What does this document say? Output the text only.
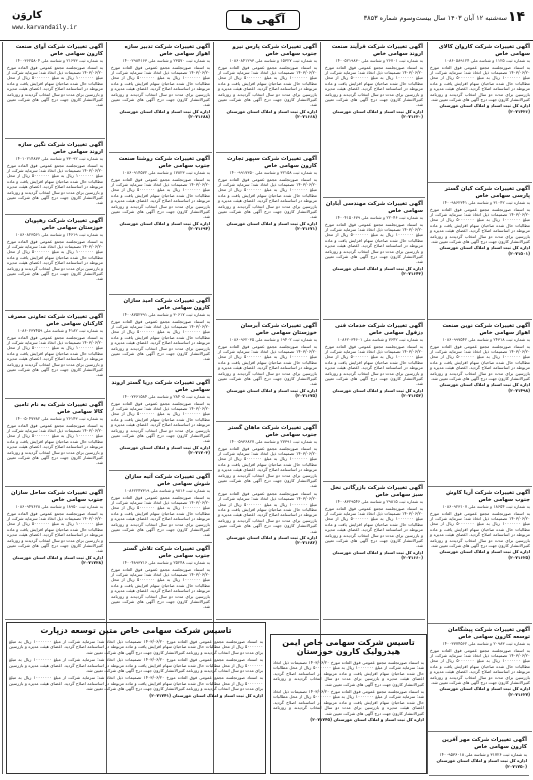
کاروَن
www.karvandaily.ir
آگهی ها	سه‌شنبه ۱۲ آبان ۱۴۰۳ سال بیست‌وسوم شماره ۳۸۵۳ ۱۴
آگهی تغییرات شرکت کاروان کالای سهامی خاص
به شماره ثبت ۱۱۲۵ و شناسه ملی ۱۰۸۶۰۵۸۹۱۲۴
به استناد صورتجلسه مجمع عمومی فوق العاده مورخ ۱۴۰۳/۰۶/۲۰ تصمیمات ذیل اتخاذ شد: سرمایه شرکت از مبلغ ۱۰۰۰۰۰۰۰ ریال به مبلغ ۵۰۰۰۰۰۰۰ ریال از محل مطالبات حال شده صاحبان سهام افزایش یافت و ماده مربوطه در اساسنامه اصلاح گردید. اعضای هیئت مدیره و بازرسین برای مدت دو سال انتخاب گردیدند و روزنامه کثیرالانتشار کارون جهت درج آگهی های شرکت تعیین شد.
اداره کل ثبت اسناد و املاک استان خوزستان (۲۰۷۱۴۳۶)
آگهی تغییرات شرکت کیان گستر پارسی سهامی خاص
به شماره ثبت ۳۱۰۴۲ و شناسه ملی ۱۴۰۰۹۸۶۲۳۴۱
به استناد صورتجلسه مجمع عمومی فوق العاده مورخ ۱۴۰۳/۰۶/۲۰ تصمیمات ذیل اتخاذ شد: سرمایه شرکت از مبلغ ۱۰۰۰۰۰۰۰ ریال به مبلغ ۵۰۰۰۰۰۰۰ ریال از محل مطالبات حال شده صاحبان سهام افزایش یافت و ماده مربوطه در اساسنامه اصلاح گردید. اعضای هیئت مدیره و بازرسین برای مدت دو سال انتخاب گردیدند و روزنامه کثیرالانتشار کارون جهت درج آگهی های شرکت تعیین شد.
اداره کل ثبت اسناد و املاک استان خوزستان (۲۰۷۱۵۰۱)
آگهی تغییرات شرکت نوین صنعت اهواز سهامی خاص
به شماره ثبت ۲۴۳۱۸ و شناسه ملی ۱۰۸۶۰۹۹۷۵۴۲
به استناد صورتجلسه مجمع عمومی فوق العاده مورخ ۱۴۰۳/۰۶/۲۰ تصمیمات ذیل اتخاذ شد: سرمایه شرکت از مبلغ ۱۰۰۰۰۰۰۰ ریال به مبلغ ۵۰۰۰۰۰۰۰ ریال از محل مطالبات حال شده صاحبان سهام افزایش یافت و ماده مربوطه در اساسنامه اصلاح گردید. اعضای هیئت مدیره و بازرسین برای مدت دو سال انتخاب گردیدند و روزنامه کثیرالانتشار کارون جهت درج آگهی های شرکت تعیین شد.
اداره کل ثبت اسناد و املاک استان خوزستان (۲۰۷۱۴۹۸)
آگهی تغییرات شرکت آریا کاوش جنوب سهامی خاص
به شماره ثبت ۱۸۶۵۴ و شناسه ملی ۱۰۸۶۰۹۲۳۱۰۷
به استناد صورتجلسه مجمع عمومی فوق العاده مورخ ۱۴۰۳/۰۶/۲۰ تصمیمات ذیل اتخاذ شد: سرمایه شرکت از مبلغ ۱۰۰۰۰۰۰۰ ریال به مبلغ ۵۰۰۰۰۰۰۰ ریال از محل مطالبات حال شده صاحبان سهام افزایش یافت و ماده مربوطه در اساسنامه اصلاح گردید. اعضای هیئت مدیره و بازرسین برای مدت دو سال انتخاب گردیدند و روزنامه کثیرالانتشار کارون جهت درج آگهی های شرکت تعیین شد.
اداره کل ثبت اسناد و املاک استان خوزستان (۲۰۷۱۶۲۵)
آگهی تغییرات شرکت پیشگامان توسعه کارون سهامی خاص
به شماره ثبت ۲۰۹۸۳ و شناسه ملی ۱۴۰۰۳۷۷۴۵۶۲
به استناد صورتجلسه مجمع عمومی فوق العاده مورخ ۱۴۰۳/۰۶/۲۰ تصمیمات ذیل اتخاذ شد: سرمایه شرکت از مبلغ ۱۰۰۰۰۰۰۰ ریال به مبلغ ۵۰۰۰۰۰۰۰ ریال از محل مطالبات حال شده صاحبان سهام افزایش یافت و ماده مربوطه در اساسنامه اصلاح گردید. اعضای هیئت مدیره و بازرسین برای مدت دو سال انتخاب گردیدند و روزنامه کثیرالانتشار کارون جهت درج آگهی های شرکت تعیین شد.
اداره کل ثبت اسناد و املاک استان خوزستان (۲۰۷۱۶۲۷)
آگهی تغییرات شرکت فرآیند صنعت اروند سهامی خاص
به شماره ثبت ۲۶۷۰۱ و شناسه ملی ۱۴۰۰۵۲۱۹۸۳۰
به استناد صورتجلسه مجمع عمومی فوق العاده مورخ ۱۴۰۳/۰۶/۲۰ تصمیمات ذیل اتخاذ شد: سرمایه شرکت از مبلغ ۱۰۰۰۰۰۰۰ ریال به مبلغ ۵۰۰۰۰۰۰۰ ریال از محل مطالبات حال شده صاحبان سهام افزایش یافت و ماده مربوطه در اساسنامه اصلاح گردید. اعضای هیئت مدیره و بازرسین برای مدت دو سال انتخاب گردیدند و روزنامه کثیرالانتشار کارون جهت درج آگهی های شرکت تعیین شد.
اداره کل ثبت اسناد و املاک استان خوزستان (۲۰۷۱۶۳۰)
آگهی تغییرات شرکت مهندسی آبادان سهامی خاص
به شماره ثبت ۲۲۰۴۶ و شناسه ملی ۱۴۰۰۴۱۵۰۶۷۹
به استناد صورتجلسه مجمع عمومی فوق العاده مورخ ۱۴۰۳/۰۶/۲۰ تصمیمات ذیل اتخاذ شد: سرمایه شرکت از مبلغ ۱۰۰۰۰۰۰۰ ریال به مبلغ ۵۰۰۰۰۰۰۰ ریال از محل مطالبات حال شده صاحبان سهام افزایش یافت و ماده مربوطه در اساسنامه اصلاح گردید. اعضای هیئت مدیره و بازرسین برای مدت دو سال انتخاب گردیدند و روزنامه کثیرالانتشار کارون جهت درج آگهی های شرکت تعیین شد.
اداره کل ثبت اسناد و املاک استان خوزستان (۲۰۷۱۶۴۳)
آگهی تغییرات شرکت خدمات فنی دزفول سهامی خاص
به شماره ثبت ۷۶۴۲ و شناسه ملی ۱۰۸۶۲۰۳۴۶۰۱
به استناد صورتجلسه مجمع عمومی فوق العاده مورخ ۱۴۰۳/۰۶/۲۰ تصمیمات ذیل اتخاذ شد: سرمایه شرکت از مبلغ ۱۰۰۰۰۰۰۰ ریال به مبلغ ۵۰۰۰۰۰۰۰ ریال از محل مطالبات حال شده صاحبان سهام افزایش یافت و ماده مربوطه در اساسنامه اصلاح گردید. اعضای هیئت مدیره و بازرسین برای مدت دو سال انتخاب گردیدند و روزنامه کثیرالانتشار کارون جهت درج آگهی های شرکت تعیین شد.
اداره کل ثبت اسناد و املاک استان خوزستان (۲۰۷۱۶۵۲)
آگهی تغییرات شرکت بازرگانی نخل سبز سهامی خاص
به شماره ثبت ۲۹۸۱۵ و شناسه ملی ۱۴۰۰۸۳۲۹۵۴۶
به استناد صورتجلسه مجمع عمومی فوق العاده مورخ ۱۴۰۳/۰۶/۲۰ تصمیمات ذیل اتخاذ شد: سرمایه شرکت از مبلغ ۱۰۰۰۰۰۰۰ ریال به مبلغ ۵۰۰۰۰۰۰۰ ریال از محل مطالبات حال شده صاحبان سهام افزایش یافت و ماده مربوطه در اساسنامه اصلاح گردید. اعضای هیئت مدیره و بازرسین برای مدت دو سال انتخاب گردیدند و روزنامه کثیرالانتشار کارون جهت درج آگهی های شرکت تعیین شد.
اداره کل ثبت اسناد و املاک استان خوزستان (۲۰۷۱۶۶۰)
آگهی تغییرات شرکت پارس نیرو جنوب سهامی خاص
به شماره ثبت ۱۵۳۲۷ و شناسه ملی ۱۰۸۶۰۸۴۱۲۹۳
به استناد صورتجلسه مجمع عمومی فوق العاده مورخ ۱۴۰۳/۰۶/۲۰ تصمیمات ذیل اتخاذ شد: سرمایه شرکت از مبلغ ۱۰۰۰۰۰۰۰ ریال به مبلغ ۵۰۰۰۰۰۰۰ ریال از محل مطالبات حال شده صاحبان سهام افزایش یافت و ماده مربوطه در اساسنامه اصلاح گردید. اعضای هیئت مدیره و بازرسین برای مدت دو سال انتخاب گردیدند و روزنامه کثیرالانتشار کارون جهت درج آگهی های شرکت تعیین شد.
اداره کل ثبت اسناد و املاک استان خوزستان (۲۰۷۱۶۶۸)
آگهی تغییرات شرکت سپهر تجارت کارون سهامی خاص
به شماره ثبت ۳۲۱۵۸ و شناسه ملی ۱۴۰۰۹۹۱۷۳۵۰
به استناد صورتجلسه مجمع عمومی فوق العاده مورخ ۱۴۰۳/۰۶/۲۰ تصمیمات ذیل اتخاذ شد: سرمایه شرکت از مبلغ ۱۰۰۰۰۰۰۰ ریال به مبلغ ۵۰۰۰۰۰۰۰ ریال از محل مطالبات حال شده صاحبان سهام افزایش یافت و ماده مربوطه در اساسنامه اصلاح گردید. اعضای هیئت مدیره و بازرسین برای مدت دو سال انتخاب گردیدند و روزنامه کثیرالانتشار کارون جهت درج آگهی های شرکت تعیین شد.
اداره کل ثبت اسناد و املاک استان خوزستان (۲۰۷۱۶۷۱)
آگهی تغییرات شرکت آبرسان خوزستان سهامی خاص
به شماره ثبت ۱۹۴۰۲ و شناسه ملی ۱۰۸۶۰۹۶۲۰۳۵
به استناد صورتجلسه مجمع عمومی فوق العاده مورخ ۱۴۰۳/۰۶/۲۰ تصمیمات ذیل اتخاذ شد: سرمایه شرکت از مبلغ ۱۰۰۰۰۰۰۰ ریال به مبلغ ۵۰۰۰۰۰۰۰ ریال از محل مطالبات حال شده صاحبان سهام افزایش یافت و ماده مربوطه در اساسنامه اصلاح گردید. اعضای هیئت مدیره و بازرسین برای مدت دو سال انتخاب گردیدند و روزنامه کثیرالانتشار کارون جهت درج آگهی های شرکت تعیین شد.
اداره کل ثبت اسناد و املاک استان خوزستان (۲۰۷۱۶۷۵)
آگهی تغییرات شرکت ماهان گستر جنوب سهامی خاص
به شماره ثبت ۲۷۳۹۱ و شناسه ملی ۱۴۰۰۵۹۳۶۸۲۷
به استناد صورتجلسه مجمع عمومی فوق العاده مورخ ۱۴۰۳/۰۶/۲۰ تصمیمات ذیل اتخاذ شد: سرمایه شرکت از مبلغ ۱۰۰۰۰۰۰۰ ریال به مبلغ ۵۰۰۰۰۰۰۰ ریال از محل مطالبات حال شده صاحبان سهام افزایش یافت و ماده مربوطه در اساسنامه اصلاح گردید. اعضای هیئت مدیره و بازرسین برای مدت دو سال انتخاب گردیدند و روزنامه کثیرالانتشار کارون جهت درج آگهی های شرکت تعیین شد.
به استناد صورتجلسه مجمع عمومی فوق العاده مورخ ۱۴۰۳/۰۶/۲۰ تصمیمات ذیل اتخاذ شد: سرمایه شرکت از مبلغ ۱۰۰۰۰۰۰۰ ریال به مبلغ ۵۰۰۰۰۰۰۰ ریال از محل مطالبات حال شده صاحبان سهام افزایش یافت و ماده مربوطه در اساسنامه اصلاح گردید. اعضای هیئت مدیره و بازرسین برای مدت دو سال انتخاب گردیدند و روزنامه کثیرالانتشار کارون جهت درج آگهی های شرکت تعیین شد.
اداره کل ثبت اسناد و املاک استان خوزستان (۲۰۷۱۶۸۲)
آگهی تغییرات شرکت تدبیر سازه اهواز سهامی خاص
به شماره ثبت ۲۳۵۷۰ و شناسه ملی ۱۴۰۰۲۹۸۴۱۶۳
به استناد صورتجلسه مجمع عمومی فوق العاده مورخ ۱۴۰۳/۰۶/۲۰ تصمیمات ذیل اتخاذ شد: سرمایه شرکت از مبلغ ۱۰۰۰۰۰۰۰ ریال به مبلغ ۵۰۰۰۰۰۰۰ ریال از محل مطالبات حال شده صاحبان سهام افزایش یافت و ماده مربوطه در اساسنامه اصلاح گردید. اعضای هیئت مدیره و بازرسین برای مدت دو سال انتخاب گردیدند و روزنامه کثیرالانتشار کارون جهت درج آگهی های شرکت تعیین شد.
اداره کل ثبت اسناد و املاک استان خوزستان (۲۰۷۱۶۸۸)
آگهی تغییرات شرکت روشنا صنعت جنوب سهامی خاص
به شماره ثبت ۱۷۸۲۳ و شناسه ملی ۱۰۸۶۰۹۱۴۵۷۲
به استناد صورتجلسه مجمع عمومی فوق العاده مورخ ۱۴۰۳/۰۶/۲۰ تصمیمات ذیل اتخاذ شد: سرمایه شرکت از مبلغ ۱۰۰۰۰۰۰۰ ریال به مبلغ ۵۰۰۰۰۰۰۰ ریال از محل مطالبات حال شده صاحبان سهام افزایش یافت و ماده مربوطه در اساسنامه اصلاح گردید. اعضای هیئت مدیره و بازرسین برای مدت دو سال انتخاب گردیدند و روزنامه کثیرالانتشار کارون جهت درج آگهی های شرکت تعیین شد.
اداره کل ثبت اسناد و املاک استان خوزستان (۲۰۷۱۶۹۴)
آگهی تغییرات شرکت امید سازان کارون سهامی خاص
به شماره ثبت ۳۰۶۱۷ و شناسه ملی ۱۴۰۰۸۷۵۲۳۹۱
به استناد صورتجلسه مجمع عمومی فوق العاده مورخ ۱۴۰۳/۰۶/۲۰ تصمیمات ذیل اتخاذ شد: سرمایه شرکت از مبلغ ۱۰۰۰۰۰۰۰ ریال به مبلغ ۵۰۰۰۰۰۰۰ ریال از محل مطالبات حال شده صاحبان سهام افزایش یافت و ماده مربوطه در اساسنامه اصلاح گردید. اعضای هیئت مدیره و بازرسین برای مدت دو سال انتخاب گردیدند و روزنامه کثیرالانتشار کارون جهت درج آگهی های شرکت تعیین شد.
آگهی تغییرات شرکت دریا گستر اروند سهامی خاص
به شماره ثبت ۲۸۴۰۵ و شناسه ملی ۱۴۰۰۷۳۶۱۵۸۴
به استناد صورتجلسه مجمع عمومی فوق العاده مورخ ۱۴۰۳/۰۶/۲۰ تصمیمات ذیل اتخاذ شد: سرمایه شرکت از مبلغ ۱۰۰۰۰۰۰۰ ریال به مبلغ ۵۰۰۰۰۰۰۰ ریال از محل مطالبات حال شده صاحبان سهام افزایش یافت و ماده مربوطه در اساسنامه اصلاح گردید. اعضای هیئت مدیره و بازرسین برای مدت دو سال انتخاب گردیدند و روزنامه کثیرالانتشار کارون جهت درج آگهی های شرکت تعیین شد.
اداره کل ثبت اسناد و املاک استان خوزستان (۲۰۷۱۷۰۳)
آگهی تغییرات شرکت آتیه سازان شوش سهامی خاص
به شماره ثبت ۹۸۱۶ و شناسه ملی ۱۰۸۶۲۲۴۷۳۱۹
به استناد صورتجلسه مجمع عمومی فوق العاده مورخ ۱۴۰۳/۰۶/۲۰ تصمیمات ذیل اتخاذ شد: سرمایه شرکت از مبلغ ۱۰۰۰۰۰۰۰ ریال به مبلغ ۵۰۰۰۰۰۰۰ ریال از محل مطالبات حال شده صاحبان سهام افزایش یافت و ماده مربوطه در اساسنامه اصلاح گردید. اعضای هیئت مدیره و بازرسین برای مدت دو سال انتخاب گردیدند و روزنامه کثیرالانتشار کارون جهت درج آگهی های شرکت تعیین شد.
آگهی تغییرات شرکت تلاش گستر جنوب سهامی خاص
به شماره ثبت ۲۵۲۴۸ و شناسه ملی ۱۴۰۰۴۸۹۳۷۱۶
به استناد صورتجلسه مجمع عمومی فوق العاده مورخ ۱۴۰۳/۰۶/۲۰ تصمیمات ذیل اتخاذ شد: سرمایه شرکت از مبلغ ۱۰۰۰۰۰۰۰ ریال به مبلغ ۵۰۰۰۰۰۰۰ ریال از محل مطالبات حال شده صاحبان سهام افزایش یافت و ماده مربوطه در اساسنامه اصلاح گردید. اعضای هیئت مدیره و بازرسین برای مدت دو سال انتخاب گردیدند و روزنامه کثیرالانتشار کارون جهت درج آگهی های شرکت تعیین شد.
آگهی تغییرات شرکت آوای صنعت کارون سهامی خاص
به شماره ثبت ۲۱۶۷۳ و شناسه ملی ۱۴۰۰۳۶۲۵۸۰۴
به استناد صورتجلسه مجمع عمومی فوق العاده مورخ ۱۴۰۳/۰۶/۲۰ تصمیمات ذیل اتخاذ شد: سرمایه شرکت از مبلغ ۱۰۰۰۰۰۰۰ ریال به مبلغ ۵۰۰۰۰۰۰۰ ریال از محل مطالبات حال شده صاحبان سهام افزایش یافت و ماده مربوطه در اساسنامه اصلاح گردید. اعضای هیئت مدیره و بازرسین برای مدت دو سال انتخاب گردیدند و روزنامه کثیرالانتشار کارون جهت درج آگهی های شرکت تعیین شد.
آگهی تغییرات شرکت نگین سازه اروند سهامی خاص
به شماره ثبت ۳۳۰۹۲ و شناسه ملی ۱۴۰۱۰۲۱۴۸۷۳
به استناد صورتجلسه مجمع عمومی فوق العاده مورخ ۱۴۰۳/۰۶/۲۰ تصمیمات ذیل اتخاذ شد: سرمایه شرکت از مبلغ ۱۰۰۰۰۰۰۰ ریال به مبلغ ۵۰۰۰۰۰۰۰ ریال از محل مطالبات حال شده صاحبان سهام افزایش یافت و ماده مربوطه در اساسنامه اصلاح گردید. اعضای هیئت مدیره و بازرسین برای مدت دو سال انتخاب گردیدند و روزنامه کثیرالانتشار کارون جهت درج آگهی های شرکت تعیین شد.
آگهی تغییرات شرکت رهپویان خوزستان سهامی خاص
به شماره ثبت ۱۴۶۱۹ و شناسه ملی ۱۰۸۶۰۸۲۳۵۶۱
به استناد صورتجلسه مجمع عمومی فوق العاده مورخ ۱۴۰۳/۰۶/۲۰ تصمیمات ذیل اتخاذ شد: سرمایه شرکت از مبلغ ۱۰۰۰۰۰۰۰ ریال به مبلغ ۵۰۰۰۰۰۰۰ ریال از محل مطالبات حال شده صاحبان سهام افزایش یافت و ماده مربوطه در اساسنامه اصلاح گردید. اعضای هیئت مدیره و بازرسین برای مدت دو سال انتخاب گردیدند و روزنامه کثیرالانتشار کارون جهت درج آگهی های شرکت تعیین شد.
آگهی تغییرات شرکت تعاونی مصرف کارکنان سهامی خاص
به شماره ثبت ۴۱۸۲ و شناسه ملی ۱۰۸۶۰۲۳۷۴۵۹
به استناد صورتجلسه مجمع عمومی فوق العاده مورخ ۱۴۰۳/۰۶/۲۰ تصمیمات ذیل اتخاذ شد: سرمایه شرکت از مبلغ ۱۰۰۰۰۰۰۰ ریال به مبلغ ۵۰۰۰۰۰۰۰ ریال از محل مطالبات حال شده صاحبان سهام افزایش یافت و ماده مربوطه در اساسنامه اصلاح گردید. اعضای هیئت مدیره و بازرسین برای مدت دو سال انتخاب گردیدند و روزنامه کثیرالانتشار کارون جهت درج آگهی های شرکت تعیین شد.
آگهی تغییرات شرکت به نام تامین کالا سهامی خاص
به شماره ثبت ۲۶۱۴۳ و شناسه ملی ۱۴۰۰۵۰۴۷۳۸۲
به استناد صورتجلسه مجمع عمومی فوق العاده مورخ ۱۴۰۳/۰۶/۲۰ تصمیمات ذیل اتخاذ شد: سرمایه شرکت از مبلغ ۱۰۰۰۰۰۰۰ ریال به مبلغ ۵۰۰۰۰۰۰۰ ریال از محل مطالبات حال شده صاحبان سهام افزایش یافت و ماده مربوطه در اساسنامه اصلاح گردید. اعضای هیئت مدیره و بازرسین برای مدت دو سال انتخاب گردیدند و روزنامه کثیرالانتشار کارون جهت درج آگهی های شرکت تعیین شد.
آگهی تغییرات شرکت ساحل سازان جنوب سهامی خاص
به شماره ثبت ۱۸۹۵۰ و شناسه ملی ۱۰۸۶۰۹۴۷۶۲۸
به استناد صورتجلسه مجمع عمومی فوق العاده مورخ ۱۴۰۳/۰۶/۲۰ تصمیمات ذیل اتخاذ شد: سرمایه شرکت از مبلغ ۱۰۰۰۰۰۰۰ ریال به مبلغ ۵۰۰۰۰۰۰۰ ریال از محل مطالبات حال شده صاحبان سهام افزایش یافت و ماده مربوطه در اساسنامه اصلاح گردید. اعضای هیئت مدیره و بازرسین برای مدت دو سال انتخاب گردیدند و روزنامه کثیرالانتشار کارون جهت درج آگهی های شرکت تعیین شد.
اداره کل ثبت اسناد و املاک استان خوزستان (۲۰۷۱۷۳۸)
تاسیس شرکت سهامی خاص متین توسعه دزپارت
به استناد صورتجلسه مجمع عمومی فوق العاده مورخ ۱۴۰۳/۰۶/۲۰ تصمیمات ذیل اتخاذ شد: سرمایه شرکت از مبلغ ۱۰۰۰۰۰۰۰ ریال به مبلغ ۵۰۰۰۰۰۰۰ ریال از محل مطالبات حال شده صاحبان سهام افزایش یافت و ماده مربوطه در اساسنامه اصلاح گردید. اعضای هیئت مدیره و بازرسین برای مدت دو سال انتخاب گردیدند و روزنامه کثیرالانتشار کارون جهت درج آگهی های شرکت تعیین شد.
به استناد صورتجلسه مجمع عمومی فوق العاده مورخ ۱۴۰۳/۰۶/۲۰ تصمیمات ذیل اتخاذ شد: سرمایه شرکت از مبلغ ۱۰۰۰۰۰۰۰ ریال به مبلغ ۵۰۰۰۰۰۰۰ ریال از محل مطالبات حال شده صاحبان سهام افزایش یافت و ماده مربوطه در اساسنامه اصلاح گردید. اعضای هیئت مدیره و بازرسین برای مدت دو سال انتخاب گردیدند و روزنامه کثیرالانتشار کارون جهت درج آگهی های شرکت تعیین شد.
به استناد صورتجلسه مجمع عمومی فوق العاده مورخ ۱۴۰۳/۰۶/۲۰ تصمیمات ذیل اتخاذ شد: سرمایه شرکت از مبلغ ۱۰۰۰۰۰۰۰ ریال به مبلغ ۵۰۰۰۰۰۰۰ ریال از محل مطالبات حال شده صاحبان سهام افزایش یافت و ماده مربوطه در اساسنامه اصلاح گردید. اعضای هیئت مدیره و بازرسین برای مدت دو سال انتخاب گردیدند و روزنامه کثیرالانتشار کارون جهت درج آگهی های شرکت تعیین شد.
اداره کل ثبت اسناد و املاک استان خوزستان (۲۰۷۱۷۴۱)
تاسیس شرکت سهامی خاص ایمن هیدرولیک کارون خوزستان
به استناد صورتجلسه مجمع عمومی فوق العاده مورخ ۱۴۰۳/۰۶/۲۰ تصمیمات ذیل اتخاذ شد: سرمایه شرکت از مبلغ ۱۰۰۰۰۰۰۰ ریال به مبلغ ۵۰۰۰۰۰۰۰ ریال از محل مطالبات حال شده صاحبان سهام افزایش یافت و ماده مربوطه در اساسنامه اصلاح گردید. اعضای هیئت مدیره و بازرسین برای مدت دو سال انتخاب گردیدند و روزنامه کثیرالانتشار کارون جهت درج آگهی های شرکت تعیین شد.
به استناد صورتجلسه مجمع عمومی فوق العاده مورخ ۱۴۰۳/۰۶/۲۰ تصمیمات ذیل اتخاذ شد: سرمایه شرکت از مبلغ ۱۰۰۰۰۰۰۰ ریال به مبلغ ۵۰۰۰۰۰۰۰ ریال از محل مطالبات حال شده صاحبان سهام افزایش یافت و ماده مربوطه در اساسنامه اصلاح گردید. اعضای هیئت مدیره و بازرسین برای مدت دو سال انتخاب گردیدند و روزنامه کثیرالانتشار کارون جهت درج آگهی های شرکت تعیین شد.
اداره کل ثبت اسناد و املاک استان خوزستان (۲۰۷۱۷۴۵)
آگهی تغییرات شرکت مهر آفرین کارون سهامی خاص
به شماره ثبت ۳۱۷۲۶ و شناسه ملی ۱۴۰۰۹۵۳۶۰۱۸
اداره کل ثبت اسناد و املاک استان خوزستان (۲۰۷۱۷۵۰)
